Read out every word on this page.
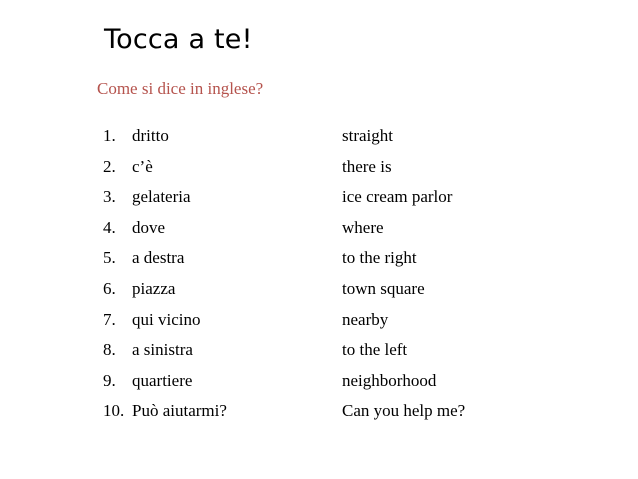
Tocca a te!
Come si dice in inglese?
1. dritto	straight
2. c’è	there is
3. gelateria	ice cream parlor
4. dove	where
5. a destra	to the right
6. piazza	town square
7. qui vicino	nearby
8. a sinistra	to the left
9. quartiere	neighborhood
10. Può aiutarmi?	Can you help me?
